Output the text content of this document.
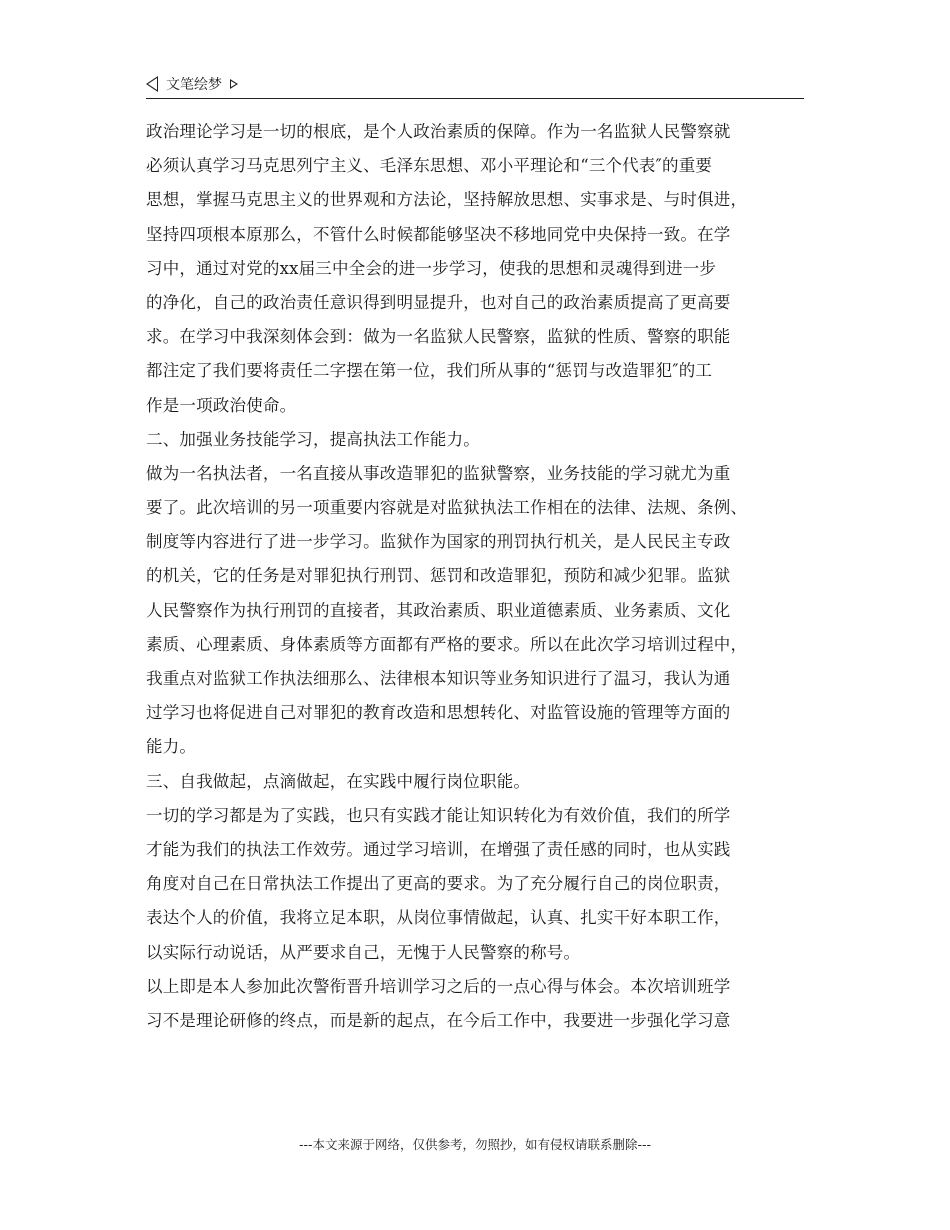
文笔绘梦
政治理论学习是一切的根底，是个人政治素质的保障。作为一名监狱人民警察就
必须认真学习马克思列宁主义、毛泽东思想、邓小平理论和“三个代表″的重要
思想，掌握马克思主义的世界观和方法论，坚持解放思想、实事求是、与时俱进，
坚持四项根本原那么，不管什么时候都能够坚决不移地同党中央保持一致。在学
习中，通过对党的xx届三中全会的进一步学习，使我的思想和灵魂得到进一步
的净化，自己的政治责任意识得到明显提升，也对自己的政治素质提高了更高要
求。在学习中我深刻体会到：做为一名监狱人民警察，监狱的性质、警察的职能
都注定了我们要将责任二字摆在第一位，我们所从事的“惩罚与改造罪犯″的工
作是一项政治使命。
二、加强业务技能学习，提高执法工作能力。
做为一名执法者，一名直接从事改造罪犯的监狱警察，业务技能的学习就尤为重
要了。此次培训的另一项重要内容就是对监狱执法工作相在的法律、法规、条例、
制度等内容进行了进一步学习。监狱作为国家的刑罚执行机关，是人民民主专政
的机关，它的任务是对罪犯执行刑罚、惩罚和改造罪犯，预防和减少犯罪。监狱
人民警察作为执行刑罚的直接者，其政治素质、职业道德素质、业务素质、文化
素质、心理素质、身体素质等方面都有严格的要求。所以在此次学习培训过程中，
我重点对监狱工作执法细那么、法律根本知识等业务知识进行了温习，我认为通
过学习也将促进自己对罪犯的教育改造和思想转化、对监管设施的管理等方面的
能力。
三、自我做起，点滴做起，在实践中履行岗位职能。
一切的学习都是为了实践，也只有实践才能让知识转化为有效价值，我们的所学
才能为我们的执法工作效劳。通过学习培训，在增强了责任感的同时，也从实践
角度对自己在日常执法工作提出了更高的要求。为了充分履行自己的岗位职责，
表达个人的价值，我将立足本职，从岗位事情做起，认真、扎实干好本职工作，
以实际行动说话，从严要求自己，无愧于人民警察的称号。
以上即是本人参加此次警衔晋升培训学习之后的一点心得与体会。本次培训班学
习不是理论研修的终点，而是新的起点，在今后工作中，我要进一步强化学习意
---本文来源于网络，仅供参考，勿照抄，如有侵权请联系删除---
